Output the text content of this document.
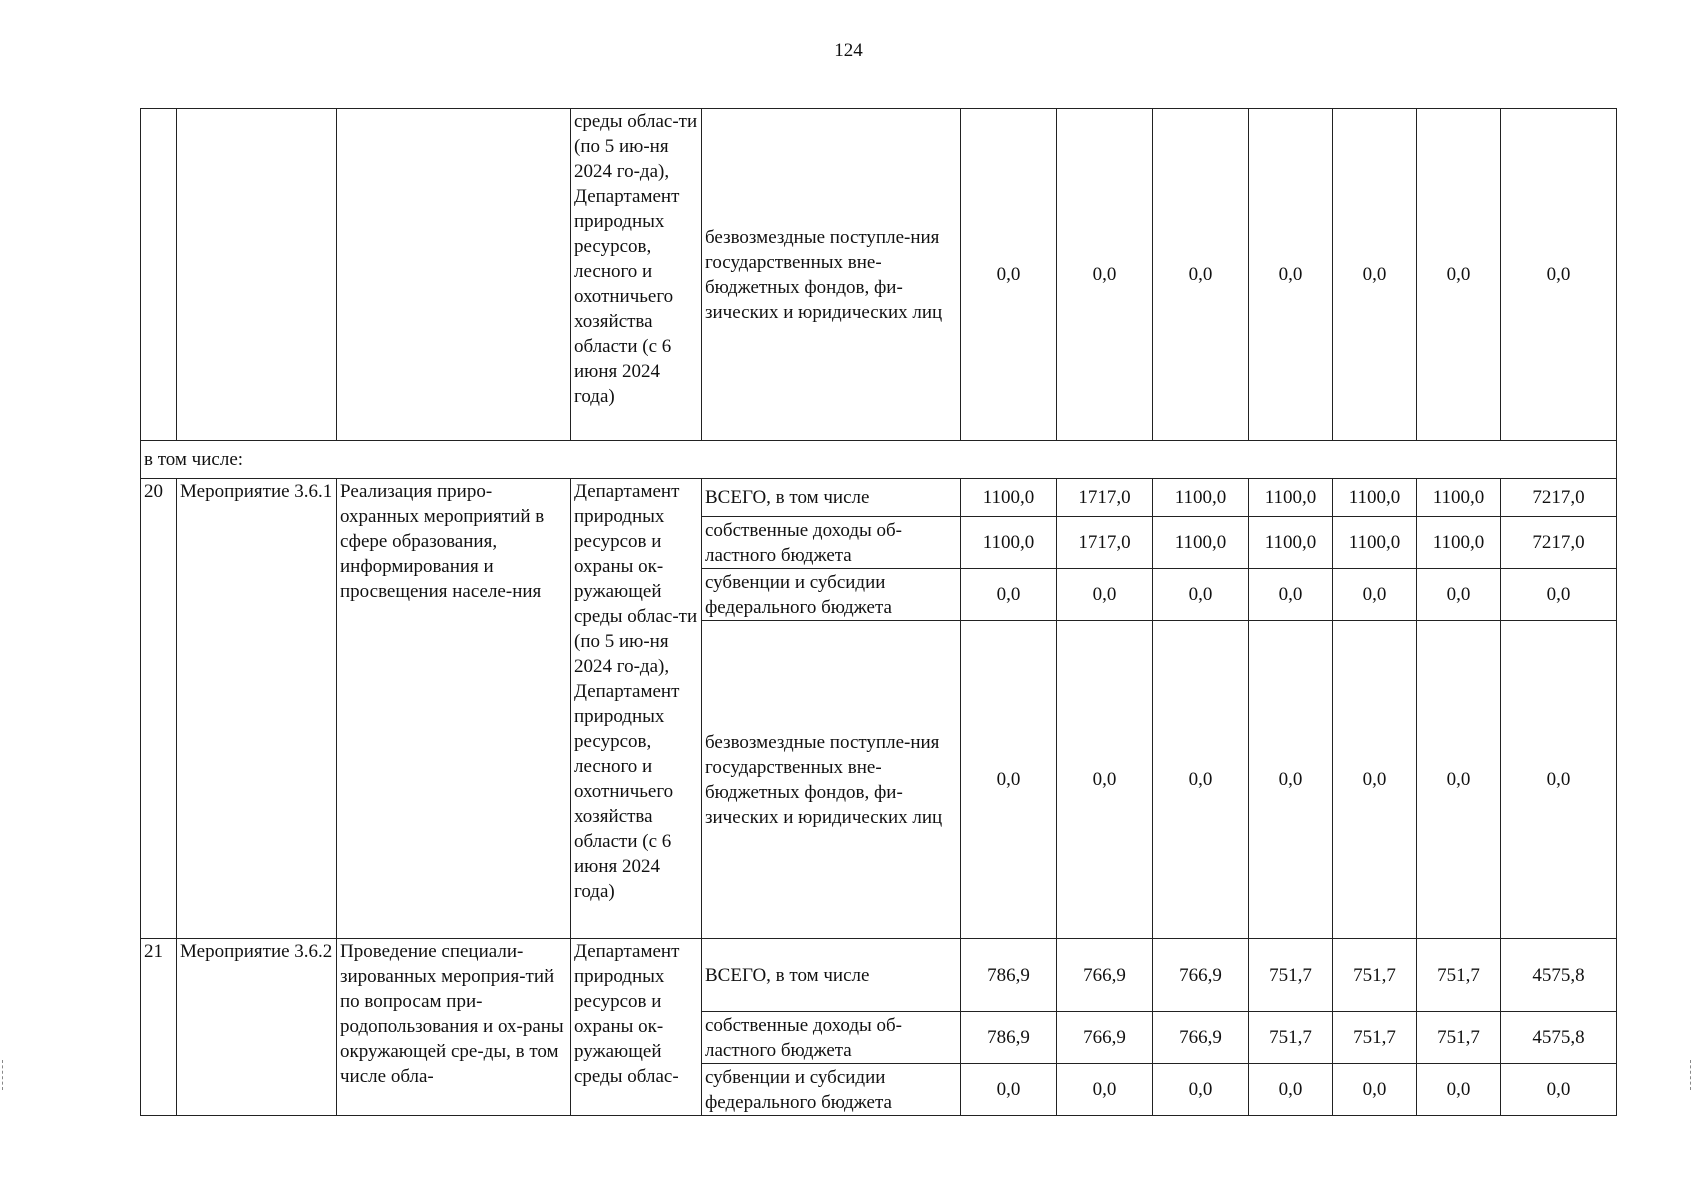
124
			среды облас-ти (по 5 ию-ня 2024 го-да), Департамент природных ресурсов, лесного и охотничьего хозяйства области (с 6 июня 2024 года)	безвозмездные поступле-ния государственных вне-бюджетных фондов, фи-зических и юридических лиц	0,0	0,0	0,0	0,0	0,0	0,0	0,0
в том числе:											
20	Мероприятие 3.6.1	Реализация приро-охранных мероприятий в сфере образования, информирования и просвещения населе-ния	Департамент природных ресурсов и охраны ок-ружающей среды облас-ти (по 5 ию-ня 2024 го-да), Департамент природных ресурсов, лесного и охотничьего хозяйства области (с 6 июня 2024 года)	ВСЕГО, в том числе	1100,0	1717,0	1100,0	1100,0	1100,0	1100,0	7217,0
				собственные доходы об-ластного бюджета	1100,0	1717,0	1100,0	1100,0	1100,0	1100,0	7217,0
				субвенции и субсидии федерального бюджета	0,0	0,0	0,0	0,0	0,0	0,0	0,0
				безвозмездные поступле-ния государственных вне-бюджетных фондов, фи-зических и юридических лиц	0,0	0,0	0,0	0,0	0,0	0,0	0,0
21	Мероприятие 3.6.2	Проведение специали-зированных мероприя-тий по вопросам при-родопользования и ох-раны окружающей сре-ды, в том числе обла-	Департамент природных ресурсов и охраны ок-ружающей среды облас-	ВСЕГО, в том числе	786,9	766,9	766,9	751,7	751,7	751,7	4575,8
				собственные доходы об-ластного бюджета	786,9	766,9	766,9	751,7	751,7	751,7	4575,8
				субвенции и субсидии федерального бюджета	0,0	0,0	0,0	0,0	0,0	0,0	0,0
